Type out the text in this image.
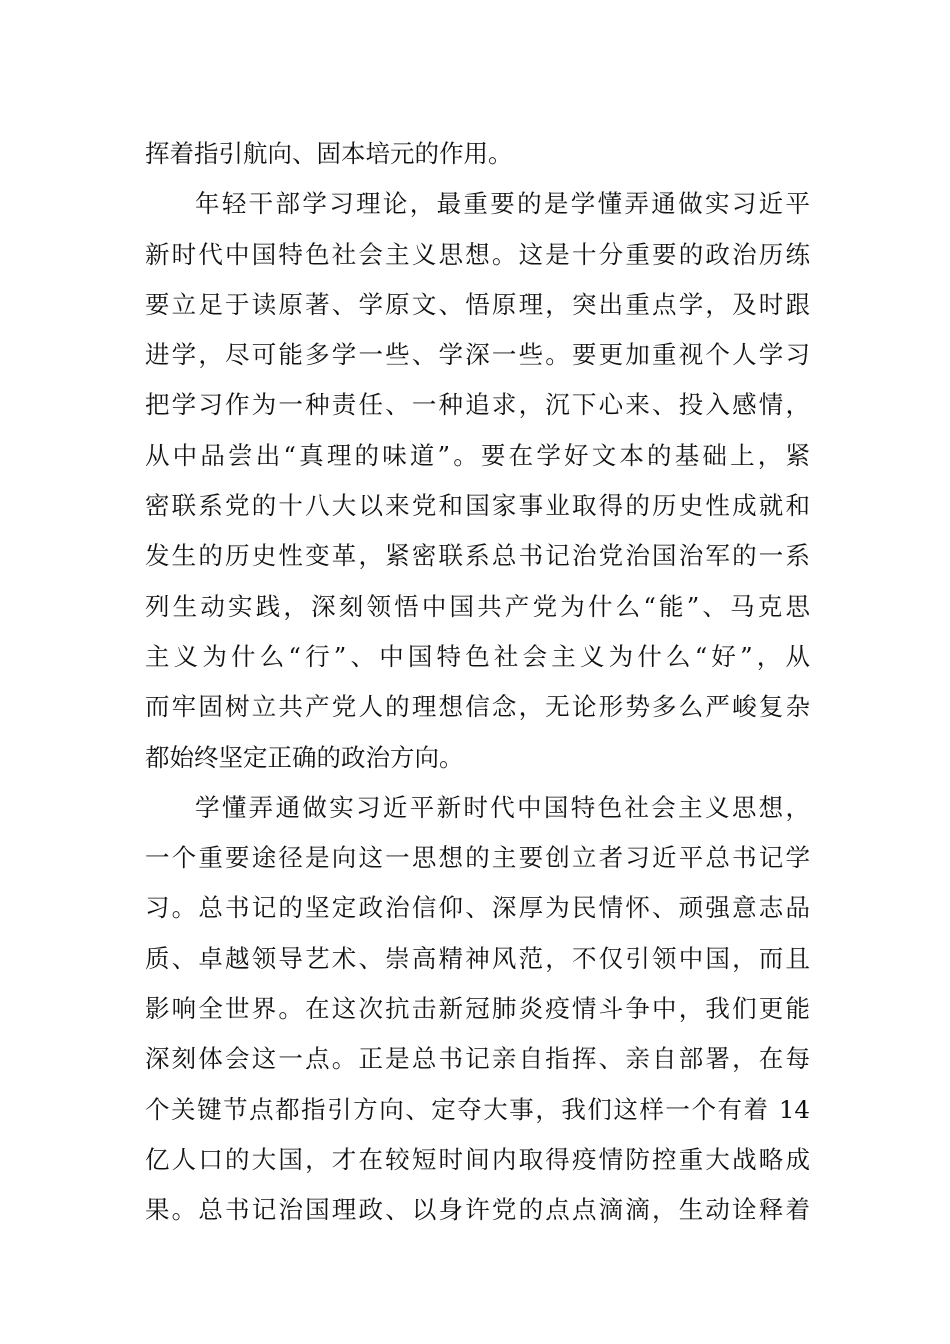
挥着指引航向、固本培元的作用。
年轻干部学习理论，最重要的是学懂弄通做实习近平
新时代中国特色社会主义思想。这是十分重要的政治历练
要立足于读原著、学原文、悟原理，突出重点学，及时跟
进学，尽可能多学一些、学深一些。要更加重视个人学习
把学习作为一种责任、一种追求，沉下心来、投入感情，
从中品尝出“真理的味道”。要在学好文本的基础上，紧
密联系党的十八大以来党和国家事业取得的历史性成就和
发生的历史性变革，紧密联系总书记治党治国治军的一系
列生动实践，深刻领悟中国共产党为什么“能”、马克思
主义为什么“行”、中国特色社会主义为什么“好”，从
而牢固树立共产党人的理想信念，无论形势多么严峻复杂
都始终坚定正确的政治方向。
学懂弄通做实习近平新时代中国特色社会主义思想，
一个重要途径是向这一思想的主要创立者习近平总书记学
习。总书记的坚定政治信仰、深厚为民情怀、顽强意志品
质、卓越领导艺术、崇高精神风范，不仅引领中国，而且
影响全世界。在这次抗击新冠肺炎疫情斗争中，我们更能
深刻体会这一点。正是总书记亲自指挥、亲自部署，在每
个关键节点都指引方向、定夺大事，我们这样一个有着 14
亿人口的大国，才在较短时间内取得疫情防控重大战略成
果。总书记治国理政、以身许党的点点滴滴，生动诠释着
